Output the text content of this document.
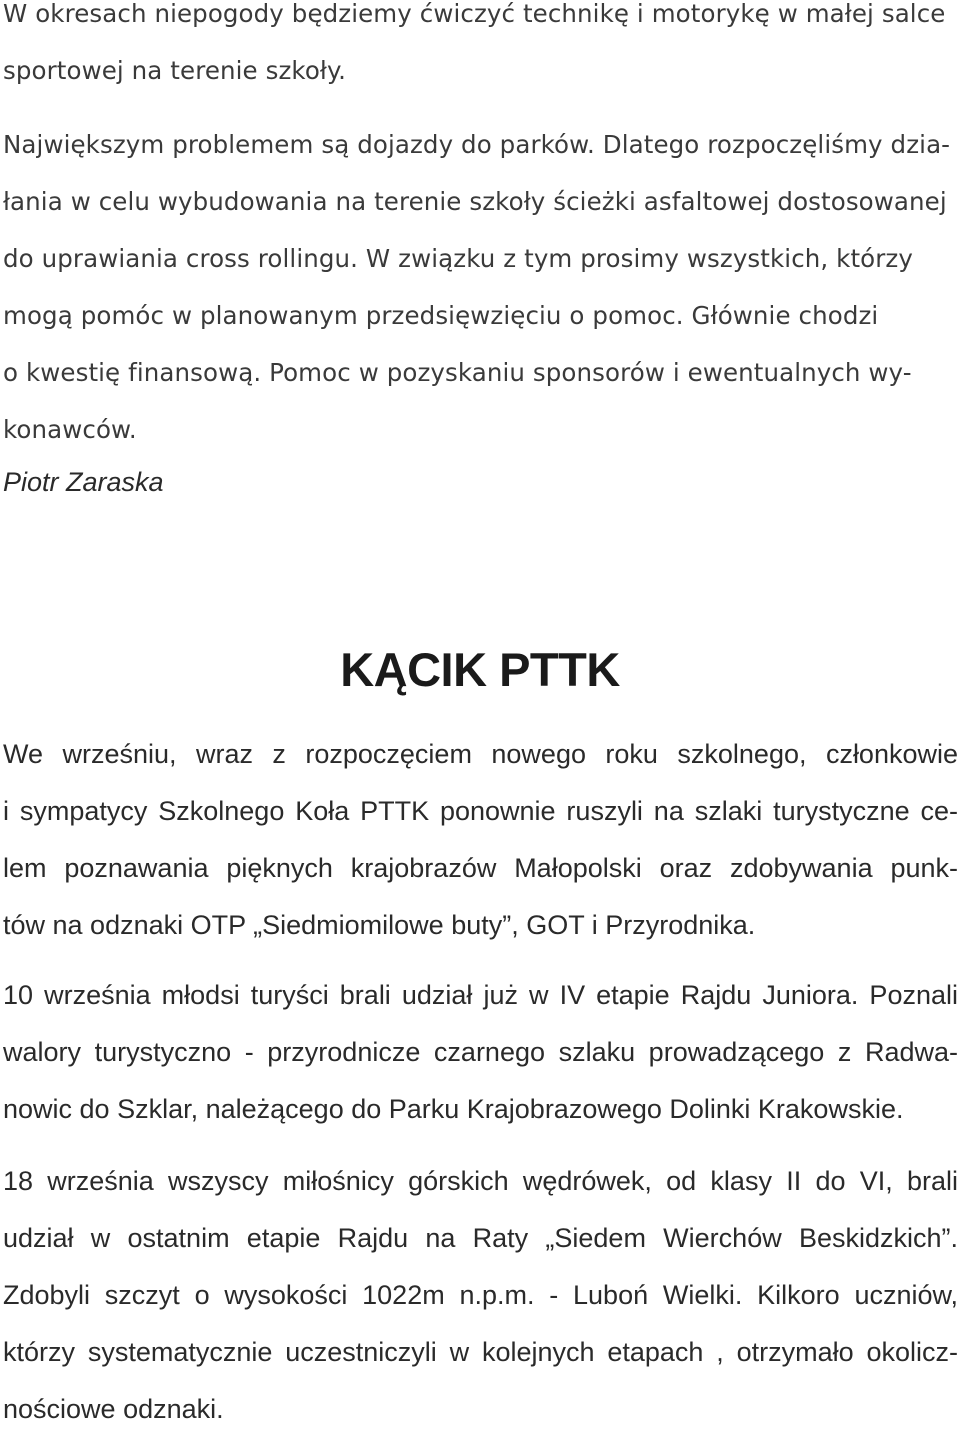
W okresach niepogody będziemy ćwiczyć technikę i motorykę w małej salce
sportowej na terenie szkoły.

Największym problemem są dojazdy do parków. Dlatego rozpoczęliśmy dzia-
łania w celu wybudowania na terenie szkoły ścieżki asfaltowej dostosowanej
do uprawiania cross rollingu. W związku z tym prosimy wszystkich, którzy
mogą pomóc w planowanym przedsięwzięciu o pomoc. Głównie chodzi
o kwestię finansową. Pomoc w pozyskaniu sponsorów i ewentualnych wy-
konawców.

Piotr Zaraska

KĄCIK PTTK

We wrześniu, wraz z rozpoczęciem nowego roku szkolnego, członkowie
i sympatycy Szkolnego Koła PTTK ponownie ruszyli na szlaki turystyczne ce-
lem poznawania pięknych krajobrazów Małopolski oraz zdobywania punk-
tów na odznaki OTP „Siedmiomilowe buty”, GOT i Przyrodnika.

10 września młodsi turyści brali udział już w IV etapie Rajdu Juniora. Poznali
walory turystyczno - przyrodnicze czarnego szlaku prowadzącego z Radwa-
nowic do Szklar, należącego do Parku Krajobrazowego Dolinki Krakowskie.

18 września wszyscy miłośnicy górskich wędrówek, od klasy II do VI, brali
udział w ostatnim etapie Rajdu na Raty „Siedem Wierchów Beskidzkich”.
Zdobyli szczyt o wysokości 1022m n.p.m. - Luboń Wielki. Kilkoro uczniów,
którzy systematycznie uczestniczyli w kolejnych etapach , otrzymało okolicz-
nościowe odznaki.
